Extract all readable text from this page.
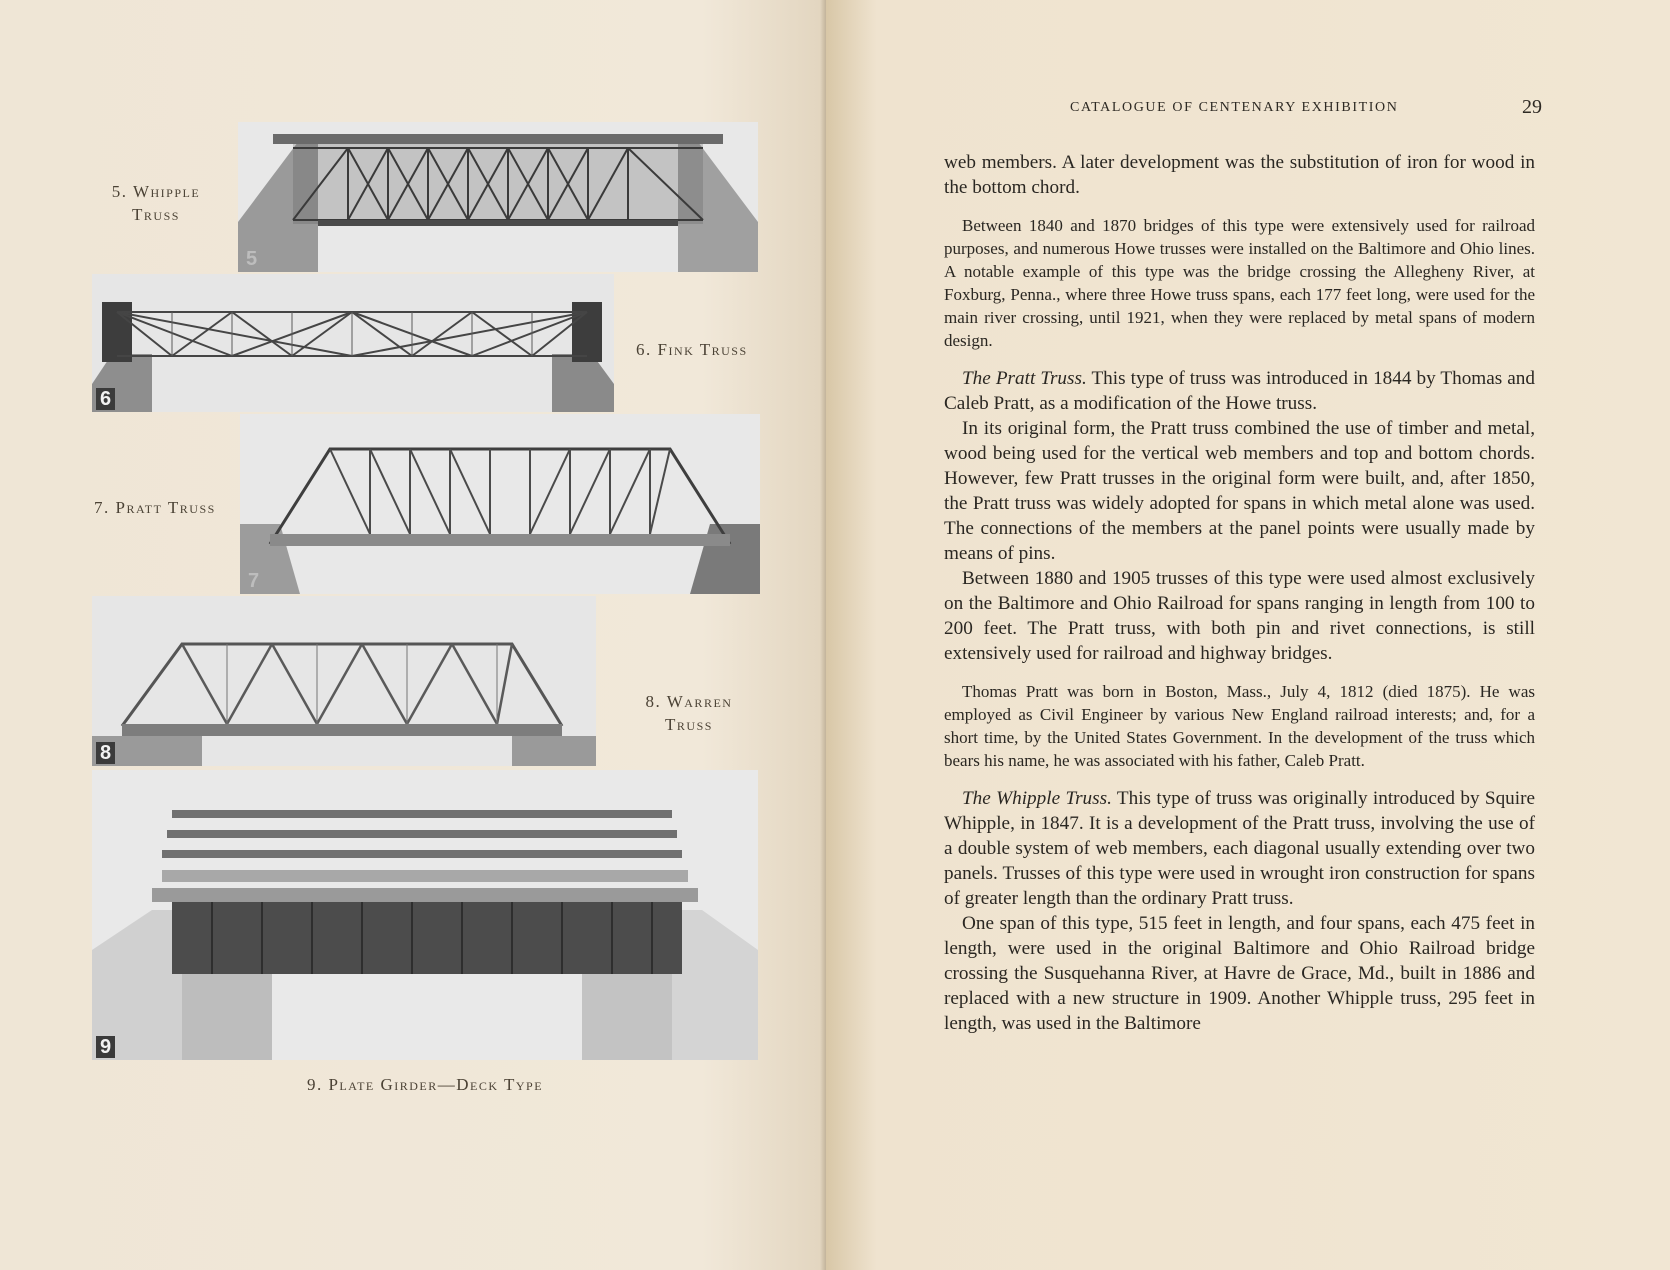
5. Whipple
Truss
5
6
6. Fink Truss
7. Pratt Truss
7
8
8. Warren
Truss
9
9. Plate Girder—Deck Type
CATALOGUE OF CENTENARY EXHIBITION	29

web members. A later development was the substitution of iron for wood in the bottom chord.

Between 1840 and 1870 bridges of this type were extensively used for railroad purposes, and numerous Howe trusses were installed on the Baltimore and Ohio lines. A notable example of this type was the bridge crossing the Allegheny River, at Foxburg, Penna., where three Howe truss spans, each 177 feet long, were used for the main river crossing, until 1921, when they were replaced by metal spans of modern design.

The Pratt Truss. This type of truss was introduced in 1844 by Thomas and Caleb Pratt, as a modification of the Howe truss.

In its original form, the Pratt truss combined the use of timber and metal, wood being used for the vertical web members and top and bottom chords. However, few Pratt trusses in the original form were built, and, after 1850, the Pratt truss was widely adopted for spans in which metal alone was used. The connections of the members at the panel points were usually made by means of pins.

Between 1880 and 1905 trusses of this type were used almost exclusively on the Baltimore and Ohio Railroad for spans ranging in length from 100 to 200 feet. The Pratt truss, with both pin and rivet connections, is still extensively used for railroad and highway bridges.

Thomas Pratt was born in Boston, Mass., July 4, 1812 (died 1875). He was employed as Civil Engineer by various New England railroad interests; and, for a short time, by the United States Government. In the development of the truss which bears his name, he was associated with his father, Caleb Pratt.

The Whipple Truss. This type of truss was originally introduced by Squire Whipple, in 1847. It is a development of the Pratt truss, involving the use of a double system of web members, each diagonal usually extending over two panels. Trusses of this type were used in wrought iron construction for spans of greater length than the ordinary Pratt truss.

One span of this type, 515 feet in length, and four spans, each 475 feet in length, were used in the original Baltimore and Ohio Railroad bridge crossing the Susquehanna River, at Havre de Grace, Md., built in 1886 and replaced with a new structure in 1909. Another Whipple truss, 295 feet in length, was used in the Baltimore
